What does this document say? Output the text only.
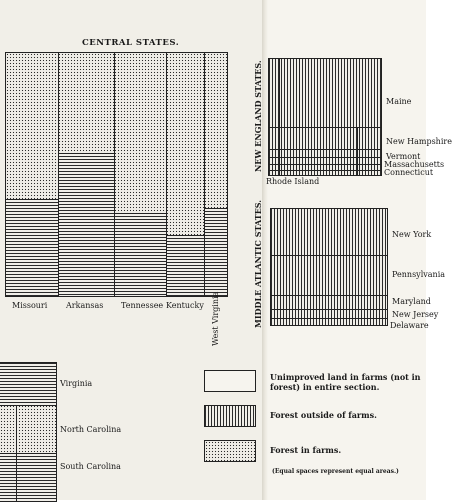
CENTRAL STATES.
Missouri Arkansas Tennessee Kentucky West Virginia
Virginia
North Carolina
South Carolina
NEW ENGLAND STATES.	Maine
New Hampshire
Vermont
Massachusetts
Connecticut
Rhode Island
MIDDLE ATLANTIC STATES.	New York
Pennsylvania
Maryland
New Jersey
Delaware
Unimproved land in farms (not in forest) in entire section.
Forest outside of farms.
Forest in farms.
(Equal spaces represent equal areas.)
